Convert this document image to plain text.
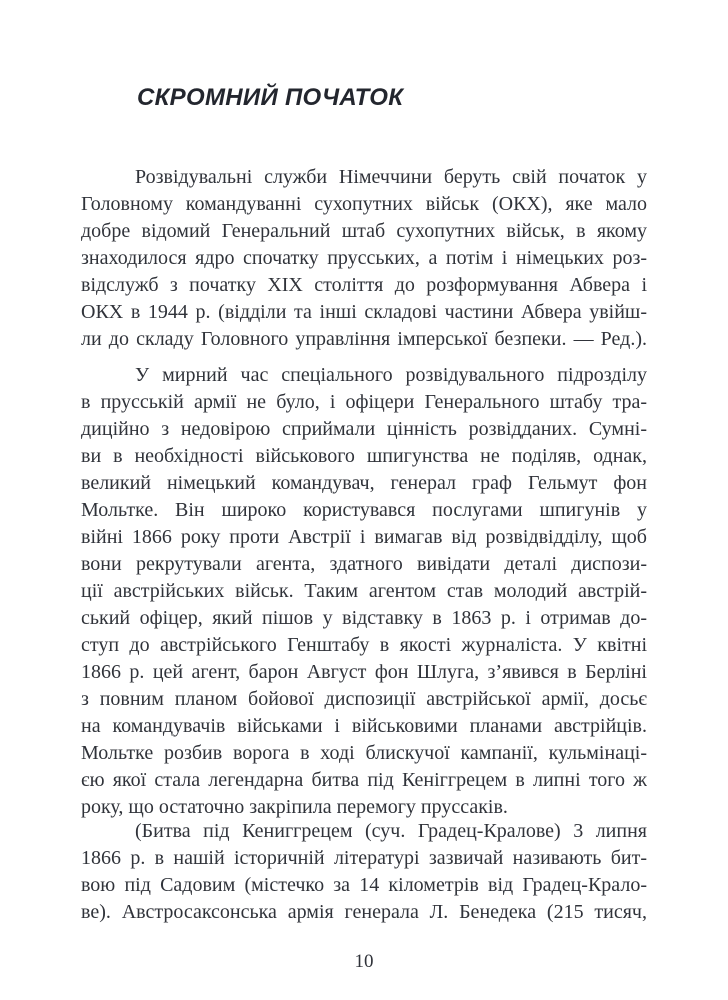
СКРОМНИЙ ПОЧАТОК
Розвідувальні служби Німеччини беруть свій початок у
Головному командуванні сухопутних військ (ОКХ), яке мало
добре відомий Генеральний штаб сухопутних військ, в якому
знаходилося ядро спочатку прусських, а потім і німецьких роз-
відслужб з початку XIX століття до розформування Абвера і
ОКХ в 1944 р. (відділи та інші складові частини Абвера увійш-
ли до складу Головного управління імперської безпеки. — Ред.).
У мирний час спеціального розвідувального підрозділу
в прусській армії не було, і офіцери Генерального штабу тра-
диційно з недовірою сприймали цінність розвідданих. Сумні-
ви в необхідності військового шпигунства не поділяв, однак,
великий німецький командувач, генерал граф Гельмут фон
Мольтке. Він широко користувався послугами шпигунів у
війні 1866 року проти Австрії і вимагав від розвідвідділу, щоб
вони рекрутували агента, здатного вивідати деталі диспози-
ції австрійських військ. Таким агентом став молодий австрій-
ський офіцер, який пішов у відставку в 1863 р. і отримав до-
ступ до австрійського Генштабу в якості журналіста. У квітні
1866 р. цей агент, барон Август фон Шлуга, з’явився в Берліні
з повним планом бойової диспозиції австрійської армії, досьє
на командувачів військами і військовими планами австрійців.
Мольтке розбив ворога в ході блискучої кампанії, кульмінаці-
єю якої стала легендарна битва під Кеніггрецем в липні того ж
року, що остаточно закріпила перемогу пруссаків.
(Битва під Кениггрецем (суч. Градец-Кралове) 3 липня
1866 р. в нашій історичній літературі зазвичай називають бит-
вою під Садовим (містечко за 14 кілометрів від Градец-Крало-
ве). Австросаксонська армія генерала Л. Бенедека (215 тисяч,
10
